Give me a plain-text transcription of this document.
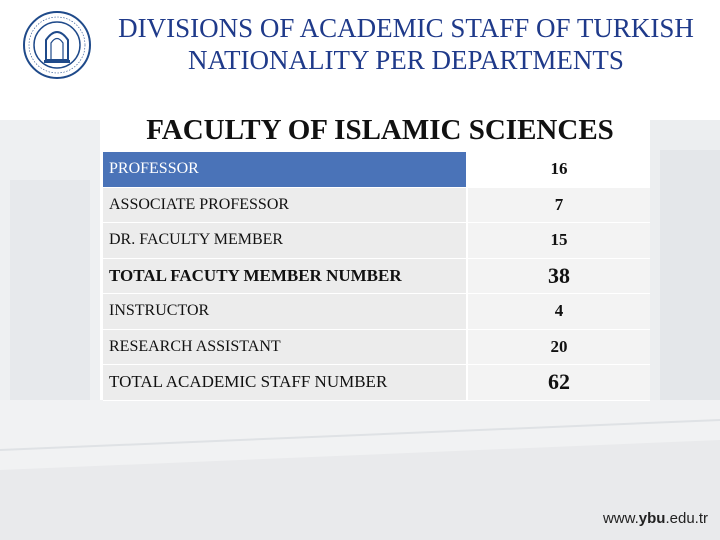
DIVISIONS OF ACADEMIC STAFF OF TURKISH
NATIONALITY PER DEPARTMENTS
FACULTY OF ISLAMIC SCIENCES
PROFESSOR	16
ASSOCIATE PROFESSOR	7
DR. FACULTY MEMBER	15
TOTAL FACUTY MEMBER NUMBER	38
INSTRUCTOR	4
RESEARCH ASSISTANT	20
TOTAL ACADEMIC STAFF NUMBER	62
www.ybu.edu.tr
